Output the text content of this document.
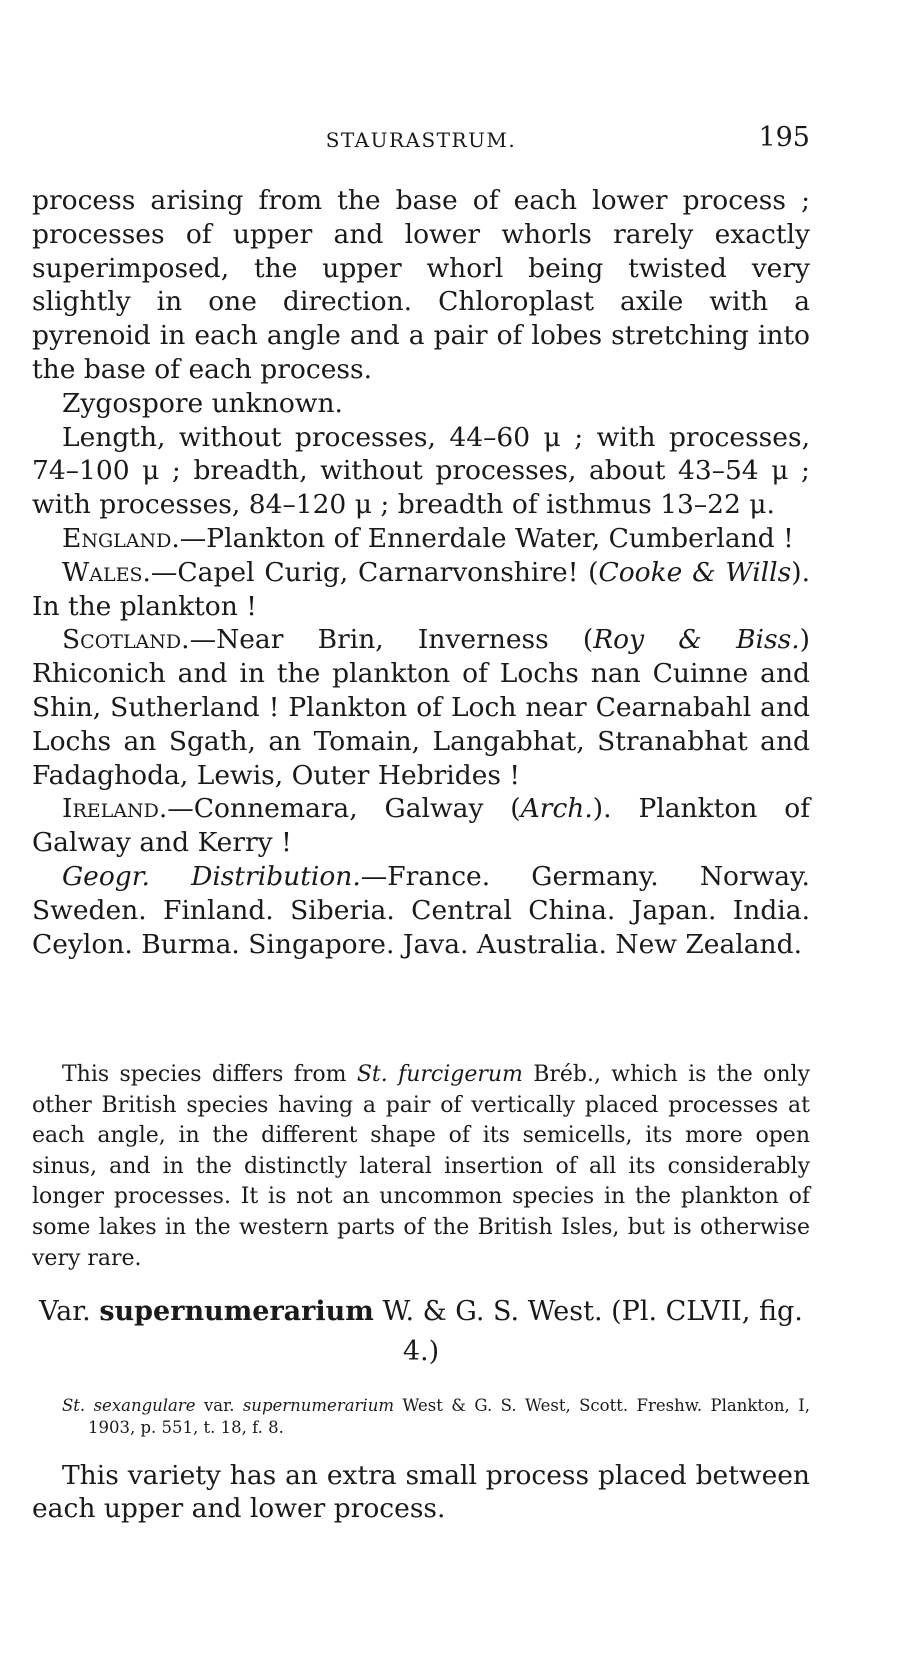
STAURASTRUM.	195

process arising from the base of each lower process ; processes of upper and lower whorls rarely exactly superimposed, the upper whorl being twisted very slightly in one direction. Chloroplast axile with a pyrenoid in each angle and a pair of lobes stretching into the base of each process.

Zygospore unknown.

Length, without processes, 44–60 μ ; with processes, 74–100 μ ; breadth, without processes, about 43–54 μ ; with processes, 84–120 μ ; breadth of isthmus 13–22 μ.

England.—Plankton of Ennerdale Water, Cumberland !

Wales.—Capel Curig, Carnarvonshire! (Cooke & Wills). In the plankton !

Scotland.—Near Brin, Inverness (Roy & Biss.) Rhiconich and in the plankton of Lochs nan Cuinne and Shin, Sutherland ! Plankton of Loch near Cearnabahl and Lochs an Sgath, an Tomain, Langabhat, Stranabhat and Fadaghoda, Lewis, Outer Hebrides !

Ireland.—Connemara, Galway (Arch.). Plankton of Galway and Kerry !

Geogr. Distribution.—France. Germany. Norway. Sweden. Finland. Siberia. Central China. Japan. India. Ceylon. Burma. Singapore. Java. Australia. New Zealand.

This species differs from St. furcigerum Bréb., which is the only other British species having a pair of vertically placed processes at each angle, in the different shape of its semicells, its more open sinus, and in the distinctly lateral insertion of all its considerably longer processes. It is not an uncommon species in the plankton of some lakes in the western parts of the British Isles, but is otherwise very rare.

Var. supernumerarium W. & G. S. West. (Pl. CLVII, fig. 4.)

St. sexangulare var. supernumerarium West & G. S. West, Scott. Freshw. Plankton, I, 1903, p. 551, t. 18, f. 8.

This variety has an extra small process placed between each upper and lower process.
